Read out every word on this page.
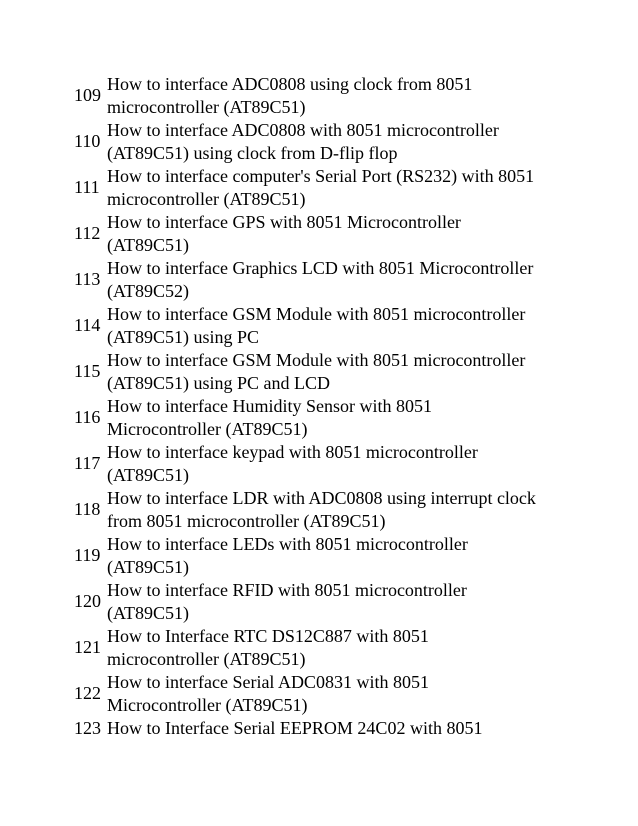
109
How to interface ADC0808 using clock from 8051
microcontroller (AT89C51)
110
How to interface ADC0808 with 8051 microcontroller
(AT89C51) using clock from D-flip flop
111
How to interface computer's Serial Port (RS232) with 8051
microcontroller (AT89C51)
112
How to interface GPS with 8051 Microcontroller
(AT89C51)
113
How to interface Graphics LCD with 8051 Microcontroller
(AT89C52)
114
How to interface GSM Module with 8051 microcontroller
(AT89C51) using PC
115
How to interface GSM Module with 8051 microcontroller
(AT89C51) using PC and LCD
116
How to interface Humidity Sensor with 8051
Microcontroller (AT89C51)
117
How to interface keypad with 8051 microcontroller
(AT89C51)
118
How to interface LDR with ADC0808 using interrupt clock
from 8051 microcontroller (AT89C51)
119
How to interface LEDs with 8051 microcontroller
(AT89C51)
120
How to interface RFID with 8051 microcontroller
(AT89C51)
121
How to Interface RTC DS12C887 with 8051
microcontroller (AT89C51)
122
How to interface Serial ADC0831 with 8051
Microcontroller (AT89C51)
123 How to Interface Serial EEPROM 24C02 with 8051
